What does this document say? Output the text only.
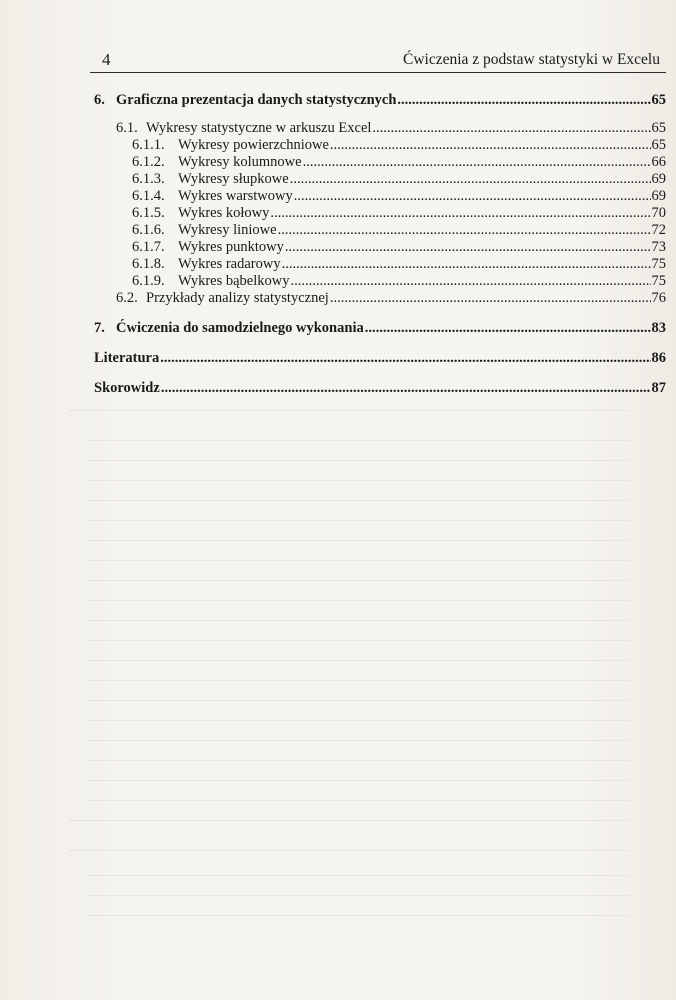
4	Ćwiczenia z podstaw statystyki w Excelu
6. Graficzna prezentacja danych statystycznych .....	65
6.1. Wykresy statystyczne w arkuszu Excel .....	65
6.1.1. Wykresy powierzchniowe .....	65
6.1.2. Wykresy kolumnowe .....	66
6.1.3. Wykresy słupkowe .....	69
6.1.4. Wykres warstwowy .....	69
6.1.5. Wykres kołowy .....	70
6.1.6. Wykresy liniowe .....	72
6.1.7. Wykres punktowy .....	73
6.1.8. Wykres radarowy .....	75
6.1.9. Wykres bąbelkowy .....	75
6.2. Przykłady analizy statystycznej .....	76
7. Ćwiczenia do samodzielnego wykonania .....	83
Literatura .....	86
Skorowidz .....	87
